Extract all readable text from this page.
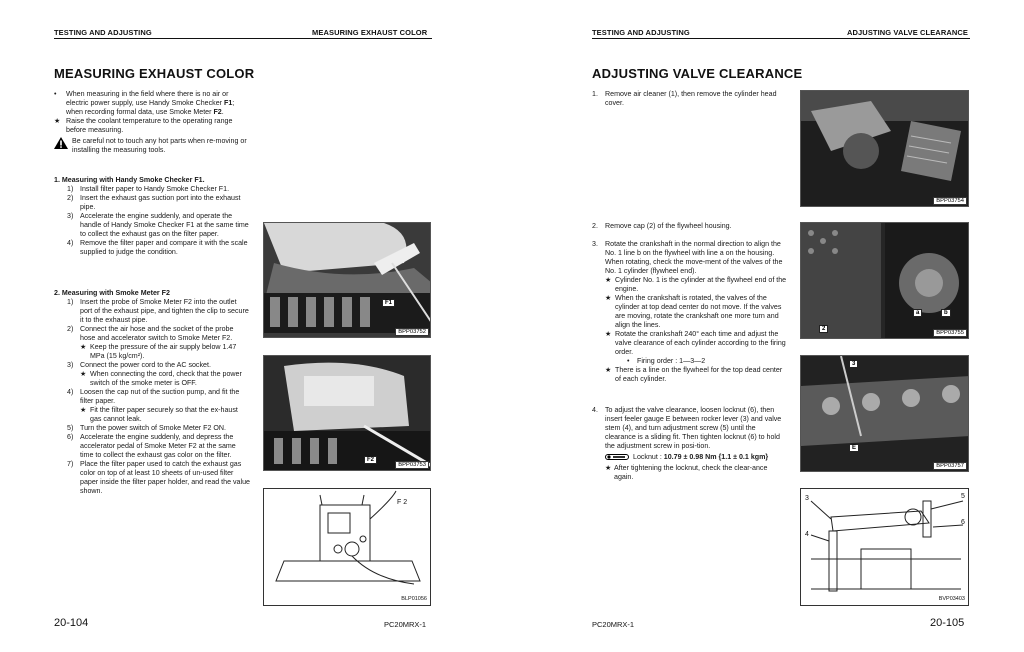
TESTING AND ADJUSTING	MEASURING EXHAUST COLOR
MEASURING EXHAUST COLOR
•	When measuring in the field where there is no air or electric power supply, use Handy Smoke Checker F1; when recording formal data, use Smoke Meter F2.
★ Raise the coolant temperature to the operating range before measuring.
Be careful not to touch any hot parts when re-moving or installing the measuring tools.
1. Measuring with Handy Smoke Checker F1.
1) Install filter paper to Handy Smoke Checker F1.
2) Insert the exhaust gas suction port into the exhaust pipe.
3) Accelerate the engine suddenly, and operate the handle of Handy Smoke Checker F1 at the same time to collect the exhaust gas on the filter paper.
4) Remove the filter paper and compare it with the scale supplied to judge the condition.
2. Measuring with Smoke Meter F2
1) Insert the probe of Smoke Meter F2 into the outlet port of the exhaust pipe, and tighten the clip to secure it to the exhaust pipe.
2) Connect the air hose and the socket of the probe hose and accelerator switch to Smoke Meter F2.
★ Keep the pressure of the air supply below 1.47 MPa (15 kg/cm²).
3) Connect the power cord to the AC socket.
★ When connecting the cord, check that the power switch of the smoke meter is OFF.
4) Loosen the cap nut of the suction pump, and fit the filter paper.
★ Fit the filter paper securely so that the ex-haust gas cannot leak.
5) Turn the power switch of Smoke Meter F2 ON.
6) Accelerate the engine suddenly, and depress the accelerator pedal of Smoke Meter F2 at the same time to collect the exhaust gas color on the filter.
7) Place the filter paper used to catch the exhaust gas color on top of at least 10 sheets of un-used filter paper inside the filter paper holder, and read the value shown.
F1
BPP03752
F2
BPP03753
F 2
BLP01056
20-104	PC20MRX-1
TESTING AND ADJUSTING	ADJUSTING VALVE CLEARANCE
ADJUSTING VALVE CLEARANCE
1. Remove air cleaner (1), then remove the cylinder head cover.
2. Remove cap (2) of the flywheel housing.
3. Rotate the crankshaft in the normal direction to align the No. 1 line b on the flywheel with line a on the housing. When rotating, check the move-ment of the valves of the No. 1 cylinder (flywheel end).
★ Cylinder No. 1 is the cylinder at the flywheel end of the engine.
★ When the crankshaft is rotated, the valves of the cylinder at top dead center do not move. If the valves are moving, rotate the crankshaft one more turn and align the lines.
★ Rotate the crankshaft 240° each time and adjust the valve clearance of each cylinder according to the firing order.
•	Firing order : 1—3—2
★ There is a line on the flywheel for the top dead center of each cylinder.
4. To adjust the valve clearance, loosen locknut (6), then insert feeler gauge E between rocker lever (3) and valve stem (4), and turn adjustment screw (5) until the clearance is a sliding fit. Then tighten locknut (6) to hold the adjustment screw in posi-tion.
Locknut : 10.79 ± 0.98 Nm {1.1 ± 0.1 kgm}
★ After tightening the locknut, check the clear-ance again.
BPP03754
a	b
2
BPP03755
3
E
BPP03757
3
4
5
6
BVP03403
PC20MRX-1	20-105
